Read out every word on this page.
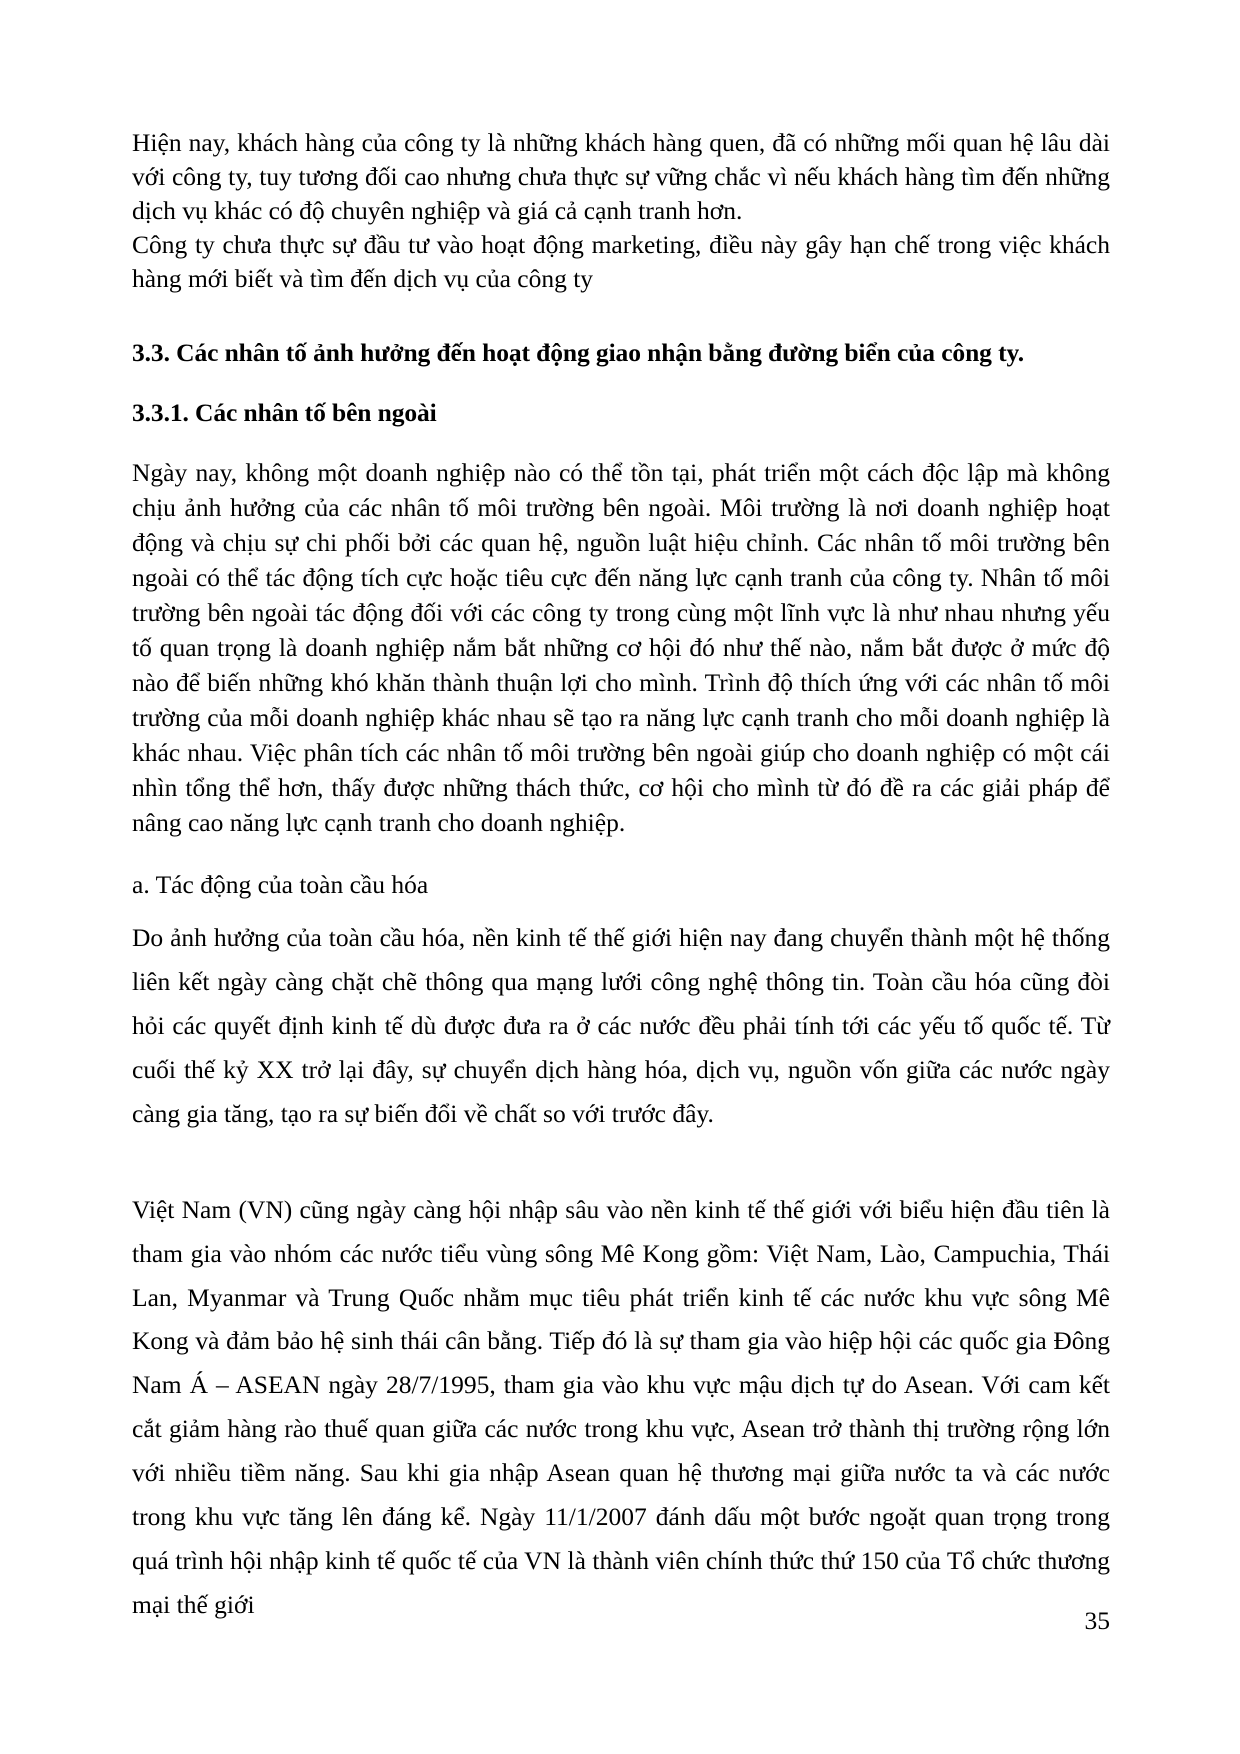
Hiện nay, khách hàng của công ty là những khách hàng quen, đã có những mối quan hệ lâu dài với công ty, tuy tương đối cao nhưng chưa thực sự vững chắc vì nếu khách hàng tìm đến những dịch vụ khác có độ chuyên nghiệp và giá cả cạnh tranh hơn.

Công ty chưa thực sự đầu tư vào hoạt động marketing, điều này gây hạn chế trong việc khách hàng mới biết và tìm đến dịch vụ của công ty

3.3. Các nhân tố ảnh hưởng đến hoạt động giao nhận bằng đường biển của công ty.
3.3.1. Các nhân tố bên ngoài

Ngày nay, không một doanh nghiệp nào có thể tồn tại, phát triển một cách độc lập mà không chịu ảnh hưởng của các nhân tố môi trường bên ngoài. Môi trường là nơi doanh nghiệp hoạt động và chịu sự chi phối bởi các quan hệ, nguồn luật hiệu chỉnh. Các nhân tố môi trường bên ngoài có thể tác động tích cực hoặc tiêu cực đến năng lực cạnh tranh của công ty. Nhân tố môi trường bên ngoài tác động đối với các công ty trong cùng một lĩnh vực là như nhau nhưng yếu tố quan trọng là doanh nghiệp nắm bắt những cơ hội đó như thế nào, nắm bắt được ở mức độ nào để biến những khó khăn thành thuận lợi cho mình. Trình độ thích ứng với các nhân tố môi trường của mỗi doanh nghiệp khác nhau sẽ tạo ra năng lực cạnh tranh cho mỗi doanh nghiệp là khác nhau. Việc phân tích các nhân tố môi trường bên ngoài giúp cho doanh nghiệp có một cái nhìn tổng thể hơn, thấy được những thách thức, cơ hội cho mình từ đó đề ra các giải pháp để nâng cao năng lực cạnh tranh cho doanh nghiệp.

a. Tác động của toàn cầu hóa

Do ảnh hưởng của toàn cầu hóa, nền kinh tế thế giới hiện nay đang chuyển thành một hệ thống liên kết ngày càng chặt chẽ thông qua mạng lưới công nghệ thông tin. Toàn cầu hóa cũng đòi hỏi các quyết định kinh tế dù được đưa ra ở các nước đều phải tính tới các yếu tố quốc tế. Từ cuối thế kỷ XX trở lại đây, sự chuyển dịch hàng hóa, dịch vụ, nguồn vốn giữa các nước ngày càng gia tăng, tạo ra sự biến đổi về chất so với trước đây.

Việt Nam (VN) cũng ngày càng hội nhập sâu vào nền kinh tế thế giới với biểu hiện đầu tiên là tham gia vào nhóm các nước tiểu vùng sông Mê Kong gồm: Việt Nam, Lào, Campuchia, Thái Lan, Myanmar và Trung Quốc nhằm mục tiêu phát triển kinh tế các nước khu vực sông Mê Kong và đảm bảo hệ sinh thái cân bằng. Tiếp đó là sự tham gia vào hiệp hội các quốc gia Đông Nam Á – ASEAN ngày 28/7/1995, tham gia vào khu vực mậu dịch tự do Asean. Với cam kết cắt giảm hàng rào thuế quan giữa các nước trong khu vực, Asean trở thành thị trường rộng lớn với nhiều tiềm năng. Sau khi gia nhập Asean quan hệ thương mại giữa nước ta và các nước trong khu vực tăng lên đáng kể. Ngày 11/1/2007 đánh dấu một bước ngoặt quan trọng trong quá trình hội nhập kinh tế quốc tế của VN là thành viên chính thức thứ 150 của Tổ chức thương mại thế giới

35
